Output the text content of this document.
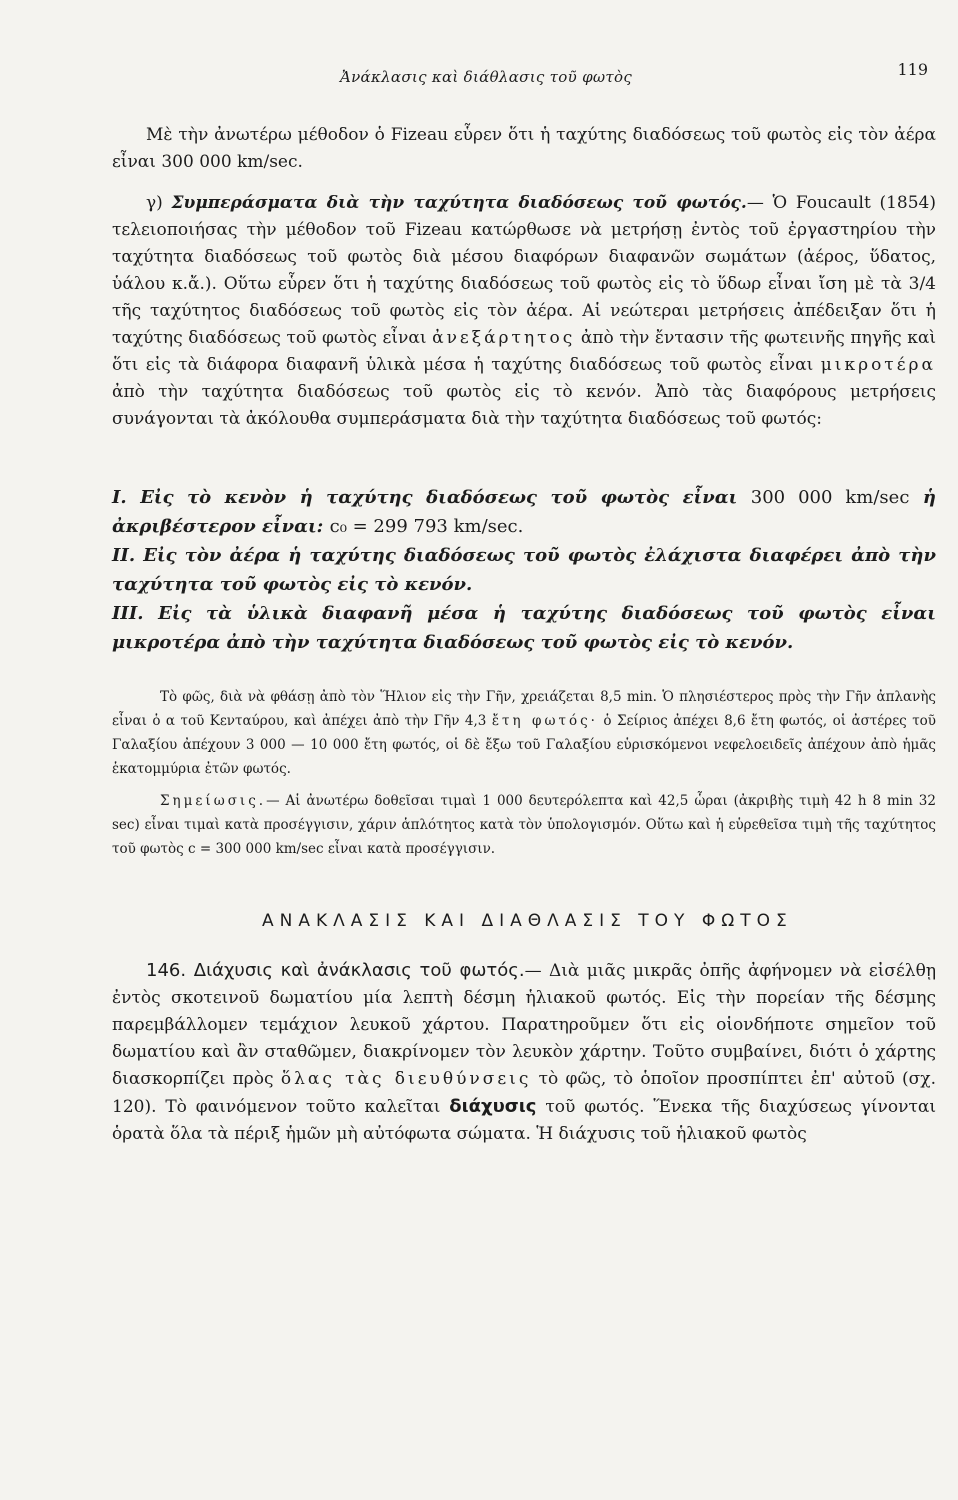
Ἀνάκλασις καὶ διάθλασις τοῦ φωτὸς	119

Μὲ τὴν ἀνωτέρω μέθοδον ὁ Fizeau εὗρεν ὅτι ἡ ταχύτης διαδόσεως τοῦ φωτὸς εἰς τὸν ἀέρα εἶναι 300 000 km/sec.

γ) Συμπεράσματα διὰ τὴν ταχύτητα διαδόσεως τοῦ φωτός.— Ὁ Foucault (1854) τελειοποιήσας τὴν μέθοδον τοῦ Fizeau κατώρθωσε νὰ μετρήσῃ ἐντὸς τοῦ ἐργαστηρίου τὴν ταχύτητα διαδόσεως τοῦ φωτὸς διὰ μέσου διαφόρων διαφανῶν σωμάτων (ἀέρος, ὕδατος, ὑάλου κ.ἄ.). Οὕτω εὗρεν ὅτι ἡ ταχύτης διαδόσεως τοῦ φωτὸς εἰς τὸ ὕδωρ εἶναι ἴση μὲ τὰ 3/4 τῆς ταχύτητος διαδόσεως τοῦ φωτὸς εἰς τὸν ἀέρα. Αἱ νεώτεραι μετρήσεις ἀπέδειξαν ὅτι ἡ ταχύτης διαδόσεως τοῦ φωτὸς εἶναι ἀνεξάρτητος ἀπὸ τὴν ἔντασιν τῆς φωτεινῆς πηγῆς καὶ ὅτι εἰς τὰ διάφορα διαφανῆ ὑλικὰ μέσα ἡ ταχύτης διαδόσεως τοῦ φωτὸς εἶναι μικροτέρα ἀπὸ τὴν ταχύτητα διαδόσεως τοῦ φωτὸς εἰς τὸ κενόν. Ἀπὸ τὰς διαφόρους μετρήσεις συνάγονται τὰ ἀκόλουθα συμπεράσματα διὰ τὴν ταχύτητα διαδόσεως τοῦ φωτός:

I. Εἰς τὸ κενὸν ἡ ταχύτης διαδόσεως τοῦ φωτὸς εἶναι 300 000 km/sec ἡ ἀκριβέστερον εἶναι: c₀ = 299 793 km/sec.

II. Εἰς τὸν ἀέρα ἡ ταχύτης διαδόσεως τοῦ φωτὸς ἐλάχιστα διαφέρει ἀπὸ τὴν ταχύτητα τοῦ φωτὸς εἰς τὸ κενόν.

III. Εἰς τὰ ὑλικὰ διαφανῆ μέσα ἡ ταχύτης διαδόσεως τοῦ φωτὸς εἶναι μικροτέρα ἀπὸ τὴν ταχύτητα διαδόσεως τοῦ φωτὸς εἰς τὸ κενόν.

Τὸ φῶς, διὰ νὰ φθάσῃ ἀπὸ τὸν Ἥλιον εἰς τὴν Γῆν, χρειάζεται 8,5 min. Ὁ πλησιέστερος πρὸς τὴν Γῆν ἀπλανὴς εἶναι ὁ α τοῦ Κενταύρου, καὶ ἀπέχει ἀπὸ τὴν Γῆν 4,3 ἔτη φωτός· ὁ Σείριος ἀπέχει 8,6 ἔτη φωτός, οἱ ἀστέρες τοῦ Γαλαξίου ἀπέχουν 3 000 — 10 000 ἔτη φωτός, οἱ δὲ ἔξω τοῦ Γαλαξίου εὑρισκόμενοι νεφελοειδεῖς ἀπέχουν ἀπὸ ἡμᾶς ἑκατομμύρια ἐτῶν φωτός.

Σημείωσις.— Αἱ ἀνωτέρω δοθεῖσαι τιμαὶ 1 000 δευτερόλεπτα καὶ 42,5 ὧραι (ἀκριβὴς τιμὴ 42 h 8 min 32 sec) εἶναι τιμαὶ κατὰ προσέγγισιν, χάριν ἁπλότητος κατὰ τὸν ὑπολογισμόν. Οὕτω καὶ ἡ εὑρεθεῖσα τιμὴ τῆς ταχύτητος τοῦ φωτὸς c = 300 000 km/sec εἶναι κατὰ προσέγγισιν.

ΑΝΑΚΛΑΣΙΣ ΚΑΙ ΔΙΑΘΛΑΣΙΣ ΤΟΥ ΦΩΤΟΣ

146. Διάχυσις καὶ ἀνάκλασις τοῦ φωτός.— Διὰ μιᾶς μικρᾶς ὀπῆς ἀφήνομεν νὰ εἰσέλθῃ ἐντὸς σκοτεινοῦ δωματίου μία λεπτὴ δέσμη ἡλιακοῦ φωτός. Εἰς τὴν πορείαν τῆς δέσμης παρεμβάλλομεν τεμάχιον λευκοῦ χάρτου. Παρατηροῦμεν ὅτι εἰς οἱονδήποτε σημεῖον τοῦ δωματίου καὶ ἂν σταθῶμεν, διακρίνομεν τὸν λευκὸν χάρτην. Τοῦτο συμβαίνει, διότι ὁ χάρτης διασκορπίζει πρὸς ὅλας τὰς διευθύνσεις τὸ φῶς, τὸ ὁποῖον προσπίπτει ἐπ' αὐτοῦ (σχ. 120). Τὸ φαινόμενον τοῦτο καλεῖται διάχυσις τοῦ φωτός. Ἕνεκα τῆς διαχύσεως γίνονται ὁρατὰ ὅλα τὰ πέριξ ἡμῶν μὴ αὐτόφωτα σώματα. Ἡ διάχυσις τοῦ ἡλιακοῦ φωτὸς
